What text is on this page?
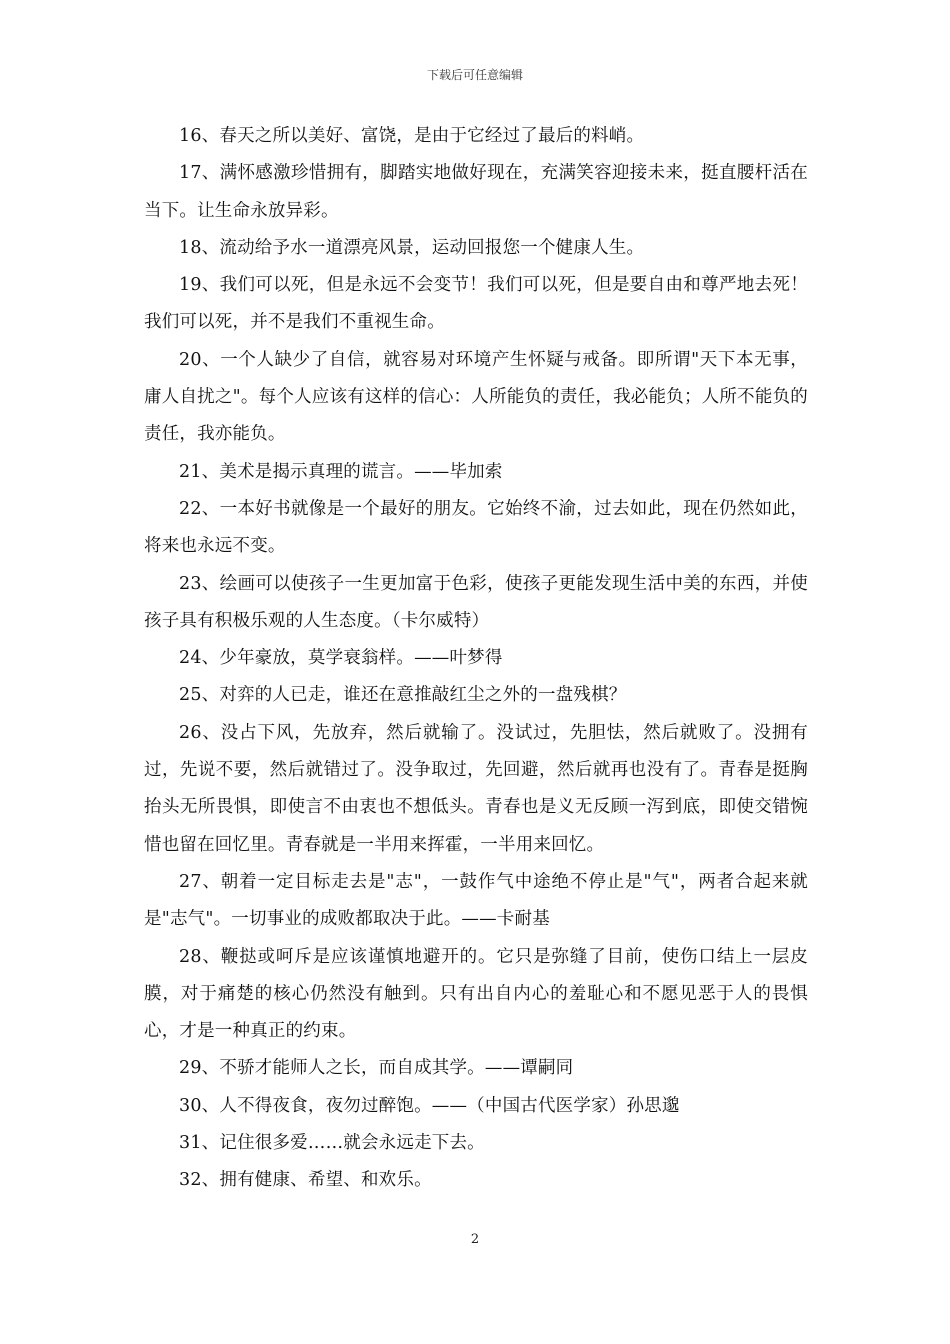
下载后可任意编辑

16、春天之所以美好、富饶，是由于它经过了最后的料峭。

17、满怀感激珍惜拥有，脚踏实地做好现在，充满笑容迎接未来，挺直腰杆活在当下。让生命永放异彩。

18、流动给予水一道漂亮风景，运动回报您一个健康人生。

19、我们可以死，但是永远不会变节！我们可以死，但是要自由和尊严地去死！我们可以死，并不是我们不重视生命。

20、一个人缺少了自信，就容易对环境产生怀疑与戒备。即所谓"天下本无事，庸人自扰之"。每个人应该有这样的信心：人所能负的责任，我必能负；人所不能负的责任，我亦能负。

21、美术是揭示真理的谎言。——毕加索

22、一本好书就像是一个最好的朋友。它始终不渝，过去如此，现在仍然如此，将来也永远不变。

23、绘画可以使孩子一生更加富于色彩，使孩子更能发现生活中美的东西，并使孩子具有积极乐观的人生态度。（卡尔威特）

24、少年豪放，莫学衰翁样。——叶梦得

25、对弈的人已走，谁还在意推敲红尘之外的一盘残棋？

26、没占下风，先放弃，然后就输了。没试过，先胆怯，然后就败了。没拥有过，先说不要，然后就错过了。没争取过，先回避，然后就再也没有了。青春是挺胸抬头无所畏惧，即使言不由衷也不想低头。青春也是义无反顾一泻到底，即使交错惋惜也留在回忆里。青春就是一半用来挥霍，一半用来回忆。

27、朝着一定目标走去是"志"，一鼓作气中途绝不停止是"气"，两者合起来就是"志气"。一切事业的成败都取决于此。——卡耐基

28、鞭挞或呵斥是应该谨慎地避开的。它只是弥缝了目前，使伤口结上一层皮膜，对于痛楚的核心仍然没有触到。只有出自内心的羞耻心和不愿见恶于人的畏惧心，才是一种真正的约束。

29、不骄才能师人之长，而自成其学。——谭嗣同

30、人不得夜食，夜勿过醉饱。——（中国古代医学家）孙思邈

31、记住很多爱……就会永远走下去。

32、拥有健康、希望、和欢乐。

2
